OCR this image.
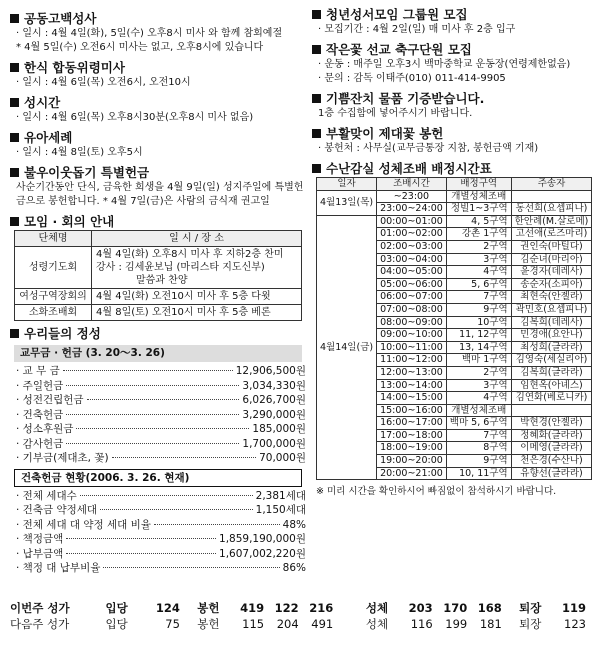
공동고백성사
· 일시 : 4월 4일(화), 5일(수) 오후8시 미사 와 함께 참회예절
* 4월 5일(수) 오전6시 미사는 없고, 오후8시에 있습니다
한식 합동위령미사
· 일시 : 4월 6일(목) 오전6시, 오전10시
성시간
· 일시 : 4월 6일(목) 오후8시30분(오후8시 미사 없음)
유아세례
· 일시 : 4월 8일(토) 오후5시
불우이웃돕기 특별헌금
사순기간동안 단식, 금육한 희생을 4월 9일(일) 성지주일에 특별헌금으로 봉헌합니다. * 4월 7일(금)은 사람의 금식재 권고일
모임 · 회의 안내
단체명	일 시 / 장 소
성령기도회	4월 4일(화) 오후8시 미사 후 지하2층 찬미
강사 : 김세윤보닙 (마리스타 지도신부)
말씀과 찬양

여성구역장회의	4월 4일(화) 오전10시 미사 후 5층 다윗
소화조배회	4월 8일(토) 오전10시 미사 후 5층 베론
우리들의 정성
교무금 · 헌금 (3. 20～3. 26)
· 교 무 금	12,906,500원
· 주일헌금	3,034,330원
· 성전건립헌금	6,026,700원
· 건축헌금	3,290,000원
· 성소후원금	185,000원
· 감사헌금	1,700,000원
· 기부금(제대초, 꽃)	70,000원
건축헌금 현황(2006. 3. 26. 현재)
· 전체 세대수	2,381세대
· 건축금 약정세대	1,150세대
· 전체 세대 대 약정 세대 비율	48%
· 책정금액	1,859,190,000원
· 납부금액	1,607,002,220원
· 책정 대 납부비율	86%
청년성서모임 그룹원 모집
· 모집기간 : 4월 2일(일) 매 미사 후 2층 입구
작은꽃 선교 축구단원 모집
· 운동 : 매주일 오후3시 백마중학교 운동장(연령제한없음)
· 문의 : 감독 이태주(010) 011-414-9905
기쁨잔치 물품 기증받습니다.
1층 수집함에 넣어주시기 바랍니다.
부활맞이 제대꽃 봉헌
· 봉헌처 : 사무실(교무금통장 지참, 봉헌금액 기재)
수난감실 성체조배 배정시간표
일자	조배시간	배정구역	주송자
4월13일(목)	~23:00	개별성체조배	
	23:00~24:00	정빌1~3구역	동선희(요셉피나)
4월14일(금)	00:00~01:00	4, 5구역	한안례(M.살로메)
	01:00~02:00	강촌 1구역	고선애(로즈마리)
	02:00~03:00	2구역	권인숙(마틸다)
	03:00~04:00	3구역	김순녀(마리아)
	04:00~05:00	4구역	윤경자(데레사)
	05:00~06:00	5, 6구역	송순자(소피아)
	06:00~07:00	7구역	최현숙(안젤라)
	07:00~08:00	9구역	곽민호(요셉피나)
	08:00~09:00	10구역	김복희(데레사)
	09:00~10:00	11, 12구역	민경애(요안나)
	10:00~11:00	13, 14구역	최성희(글라라)
	11:00~12:00	백마 1구역	김영숙(세실리아)
	12:00~13:00	2구역	김복희(글라라)
	13:00~14:00	3구역	임현옥(아녜스)
	14:00~15:00	4구역	김연화(베로니카)
	15:00~16:00	개별성체조배	
	16:00~17:00	백마 5, 6구역	박현경(안젤라)
	17:00~18:00	7구역	정혜화(글라라)
	18:00~19:00	8구역	이메영(글라라)
	19:00~20:00	9구역	천은경(수산나)
	20:00~21:00	10, 11구역	유향선(글라라)
※ 미리 시간을 확인하시어 빠짐없이 참석하시기 바랍니다.
이번주 성가	입당	124	봉헌	419 122 216	성체	203 170 168	퇴장	119
다음주 성가	입당	75	봉헌	115	204	491	성체	116	199	181	퇴장	123
